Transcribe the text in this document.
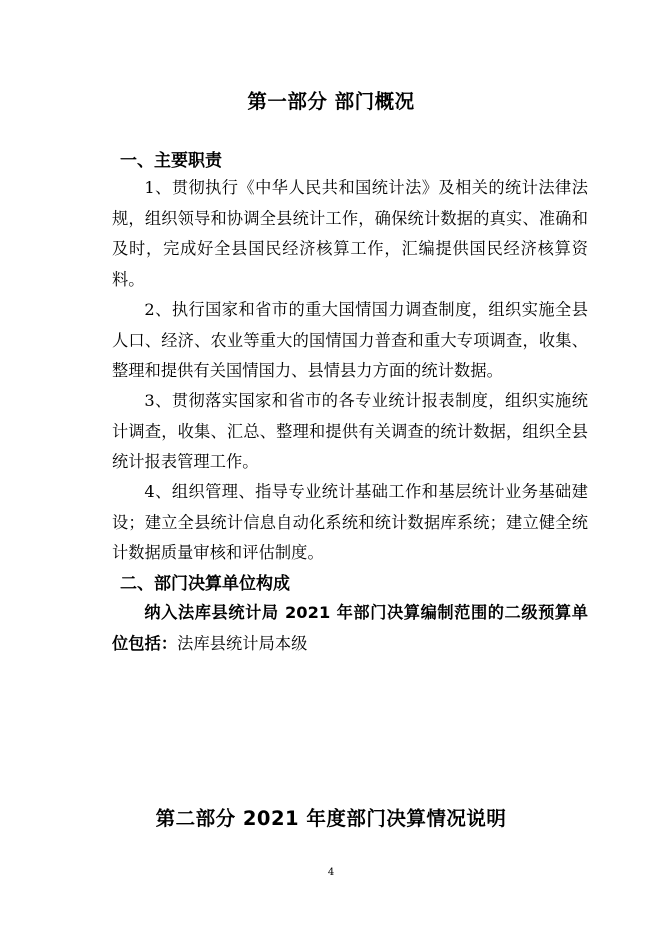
第一部分 部门概况
一、主要职责

1、贯彻执行《中华人民共和国统计法》及相关的统计法律法规，组织领导和协调全县统计工作，确保统计数据的真实、准确和及时，完成好全县国民经济核算工作，汇编提供国民经济核算资料。

2、执行国家和省市的重大国情国力调查制度，组织实施全县人口、经济、农业等重大的国情国力普查和重大专项调查，收集、整理和提供有关国情国力、县情县力方面的统计数据。

3、贯彻落实国家和省市的各专业统计报表制度，组织实施统计调查，收集、汇总、整理和提供有关调查的统计数据，组织全县统计报表管理工作。

4、组织管理、指导专业统计基础工作和基层统计业务基础建设；建立全县统计信息自动化系统和统计数据库系统；建立健全统计数据质量审核和评估制度。

二、部门决算单位构成

纳入法库县统计局 2021 年部门决算编制范围的二级预算单位包括：法库县统计局本级

第二部分 2021 年度部门决算情况说明
4
